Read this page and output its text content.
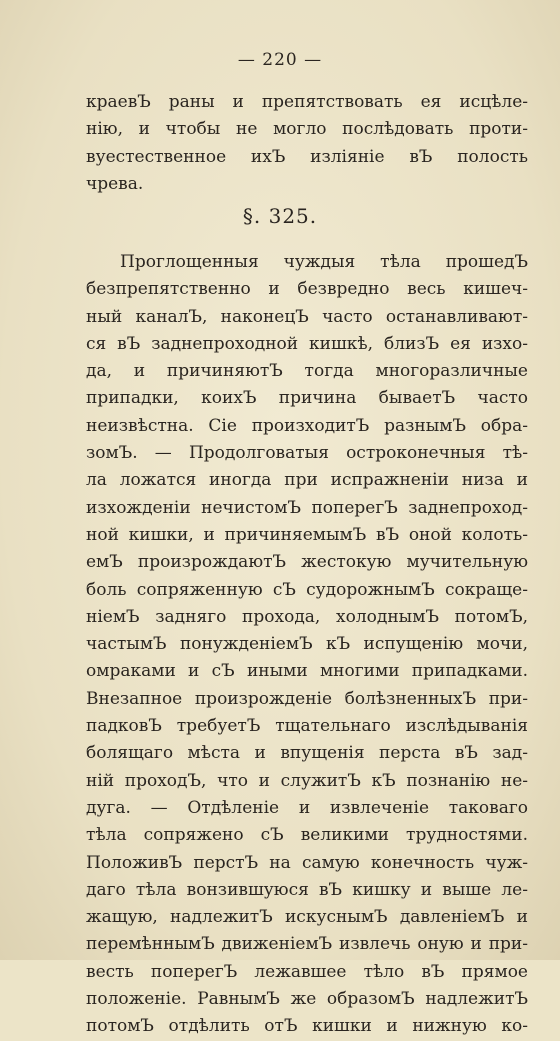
— 220 —
краевЪ раны и препятствовать ея исцѣле-
нію, и чтобы не могло послѣдовать проти-
вуестественное ихЪ изліяніе вЪ полость
чрева.
§. 325.
Проглощенныя чуждыя тѣла прошедЪ
безпрепятственно и безвредно весь кишеч-
ный каналЪ, наконецЪ часто останавливают-
ся вЪ заднепроходной кишкѣ, близЪ ея изхо-
да, и причиняютЪ тогда многоразличные
припадки, коихЪ причина бываетЪ часто
неизвѣстна. Сіе произходитЪ разнымЪ обра-
зомЪ. — Продолговатыя остроконечныя тѣ-
ла ложатся иногда при испражненіи низа и
изхожденіи нечистомЪ поперегЪ заднепроход-
ной кишки, и причиняемымЪ вЪ оной колоть-
емЪ произрождаютЪ жестокую мучительную
боль сопряженную сЪ судорожнымЪ сокраще-
ніемЪ задняго прохода, холоднымЪ потомЪ,
частымЪ понужденіемЪ кЪ испущенію мочи,
омраками и сЪ иными многими припадками.
Внезапное произрожденіе болѣзненныхЪ при-
падковЪ требуетЪ тщательнаго изслѣдыванія
болящаго мѣста и впущенія перста вЪ зад-
ній проходЪ, что и служитЪ кЪ познанію не-
дуга. — Отдѣленіе и извлеченіе таковаго
тѣла сопряжено сЪ великими трудностями.
ПоложивЪ перстЪ на самую конечность чуж-
даго тѣла вонзившуюся вЪ кишку и выше ле-
жащую, надлежитЪ искуснымЪ давленіемЪ и
перемѣннымЪ движеніемЪ извлечь оную и при-
весть поперегЪ лежавшее тѣло вЪ прямое
положеніе. РавнымЪ же образомЪ надлежитЪ
потомЪ отдѣлить отЪ кишки и нижную ко-
